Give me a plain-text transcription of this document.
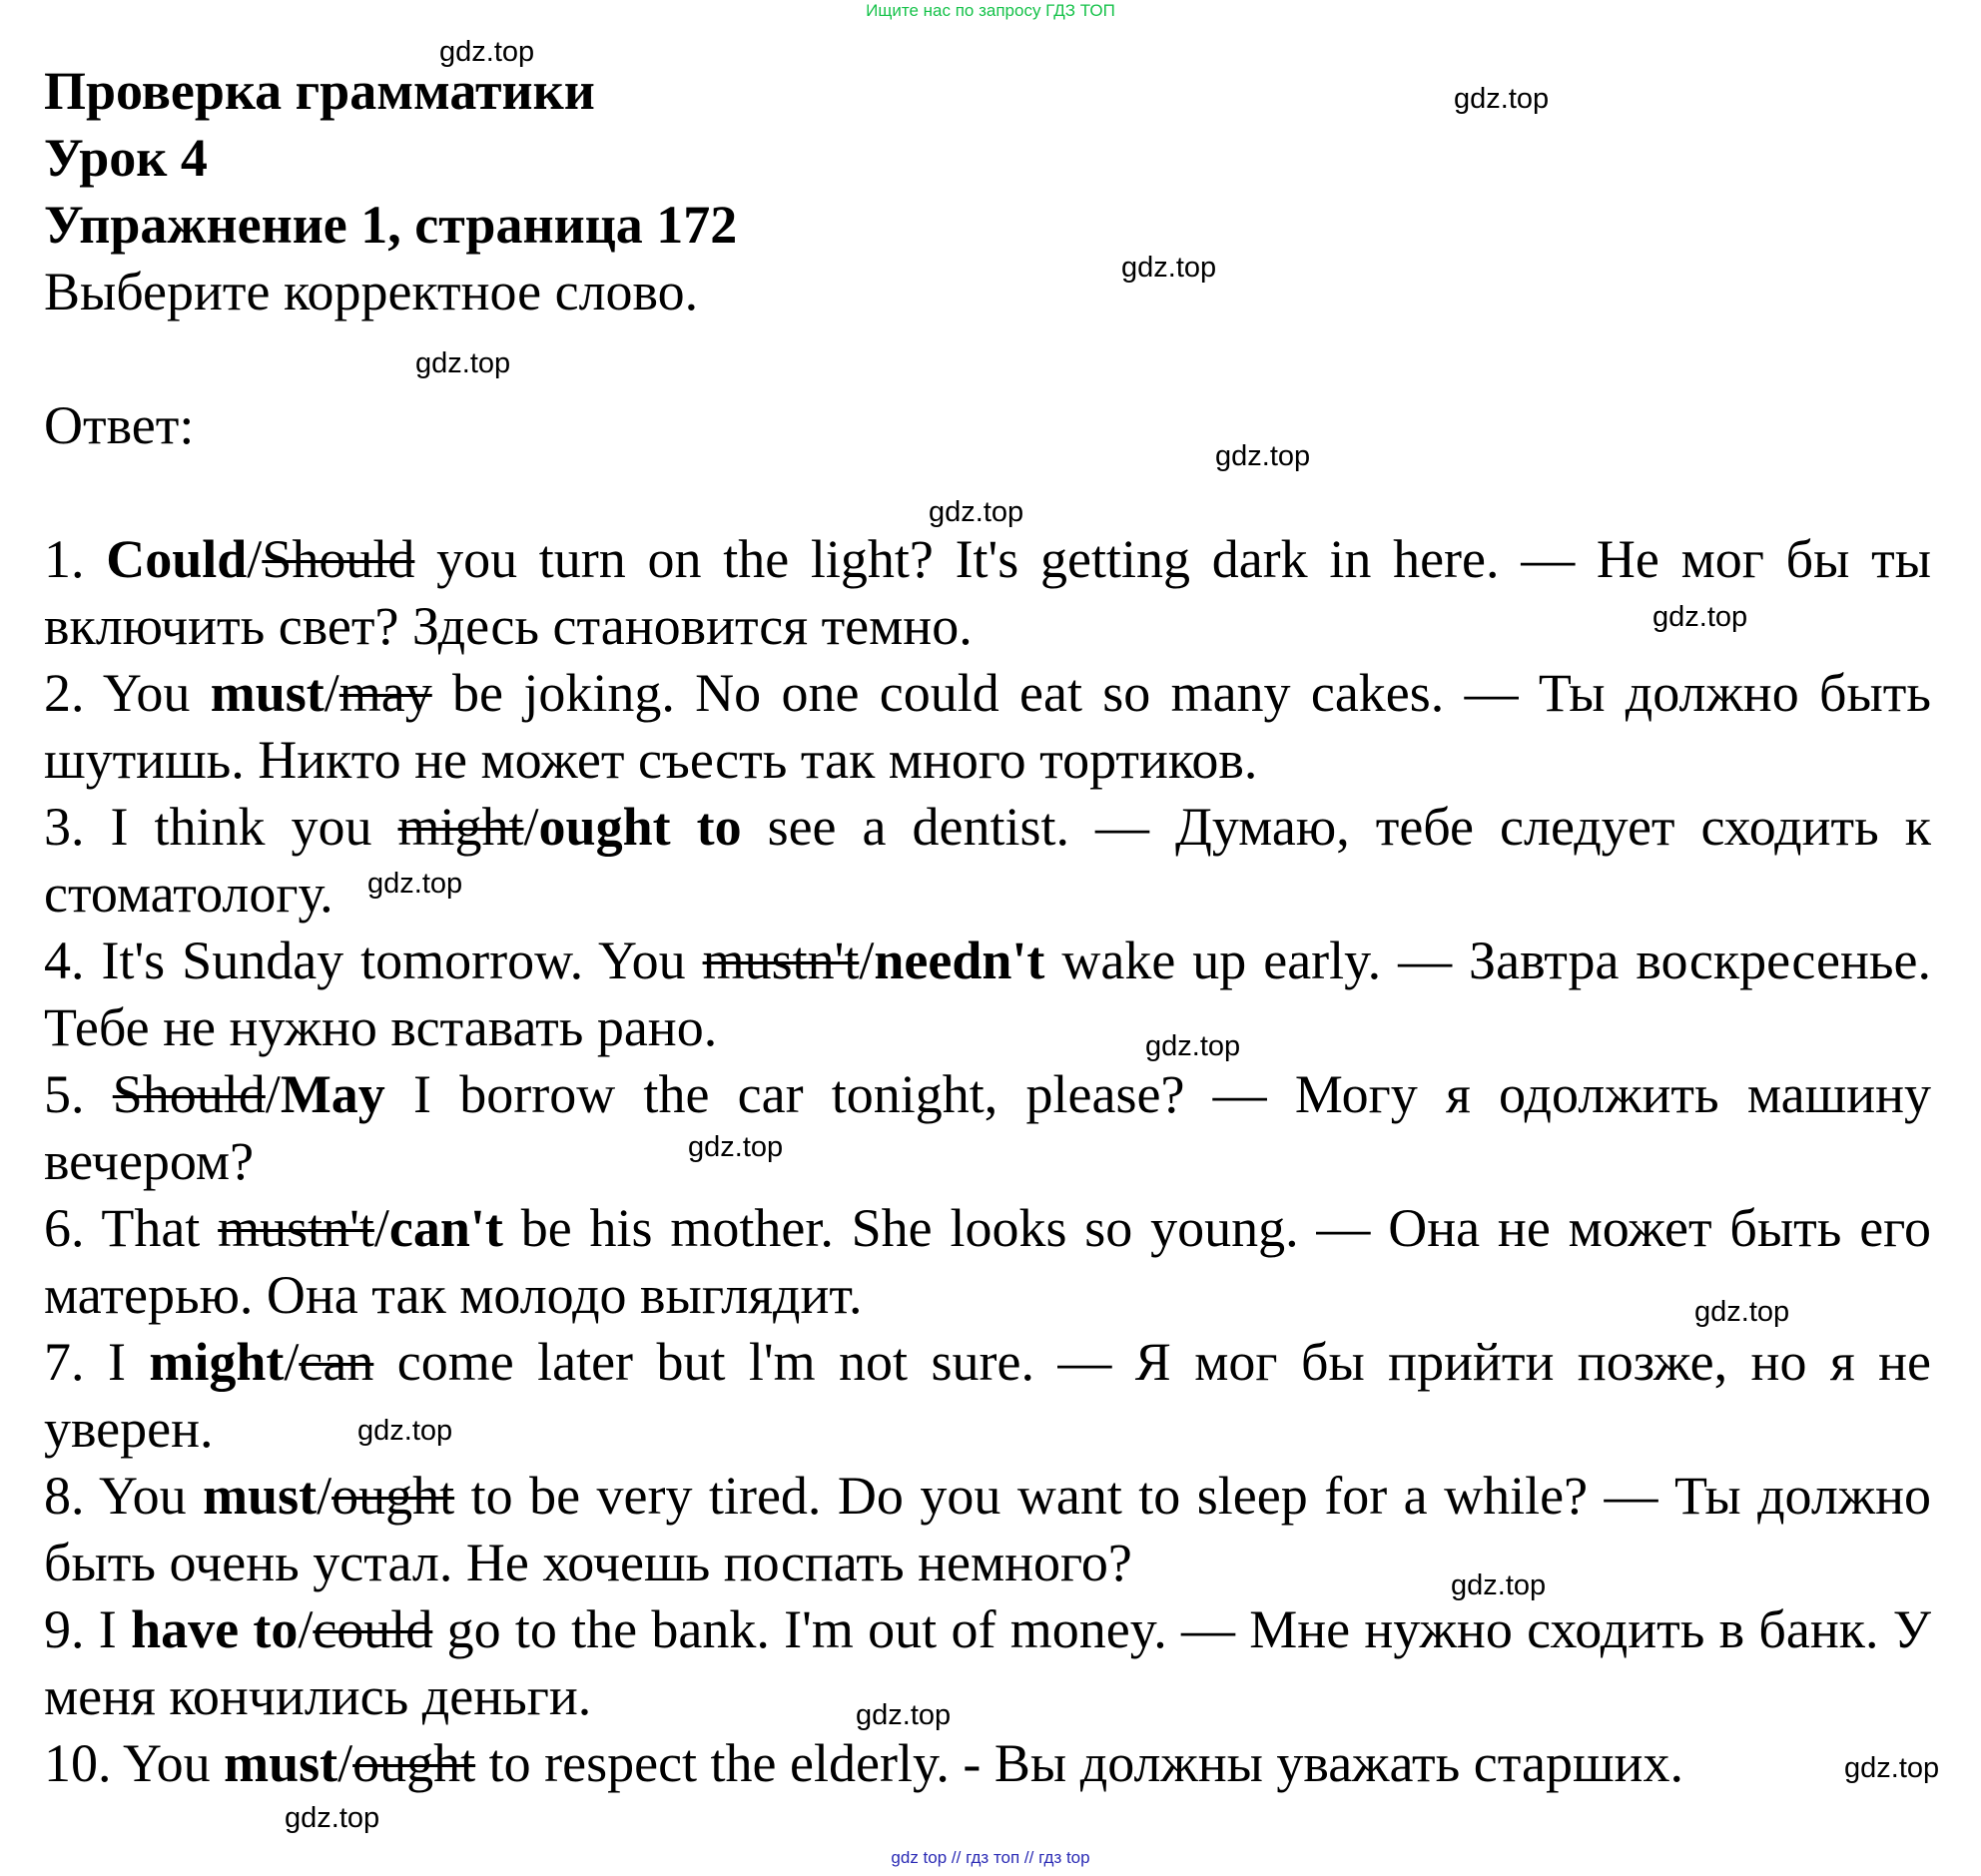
Ищите нас по запросу ГДЗ ТОП
Проверка грамматики
Урок 4
Упражнение 1, страница 172
Выберите корректное слово.
Ответ:
1. Could/Should you turn on the light? It's getting dark in here. — Не мог бы ты включить свет? Здесь становится темно.
2. You must/may be joking. No one could eat so many cakes. — Ты должно быть шутишь. Никто не может съесть так много тортиков.
3. I think you might/ought to see a dentist. — Думаю, тебе следует сходить к стоматологу.
4. It's Sunday tomorrow. You mustn't/needn't wake up early. — Завтра воскресенье. Тебе не нужно вставать рано.
5. Should/May I borrow the car tonight, please? — Могу я одолжить машину вечером?
6. That mustn't/can't be his mother. She looks so young. — Она не может быть его матерью. Она так молодо выглядит.
7. I might/can come later but l'm not sure. — Я мог бы прийти позже, но я не уверен.
8. You must/ought to be very tired. Do you want to sleep for a while? — Ты должно быть очень устал. Не хочешь поспать немного?
9. I have to/could go to the bank. I'm out of money. — Мне нужно сходить в банк. У меня кончились деньги.
10. You must/ought to respect the elderly. - Вы должны уважать старших.
gdz.top
gdz.top
gdz.top
gdz.top
gdz.top
gdz.top
gdz.top
gdz.top
gdz.top
gdz.top
gdz.top
gdz.top
gdz.top
gdz.top
gdz.top
gdz.top
gdz top // гдз топ // гдз top
